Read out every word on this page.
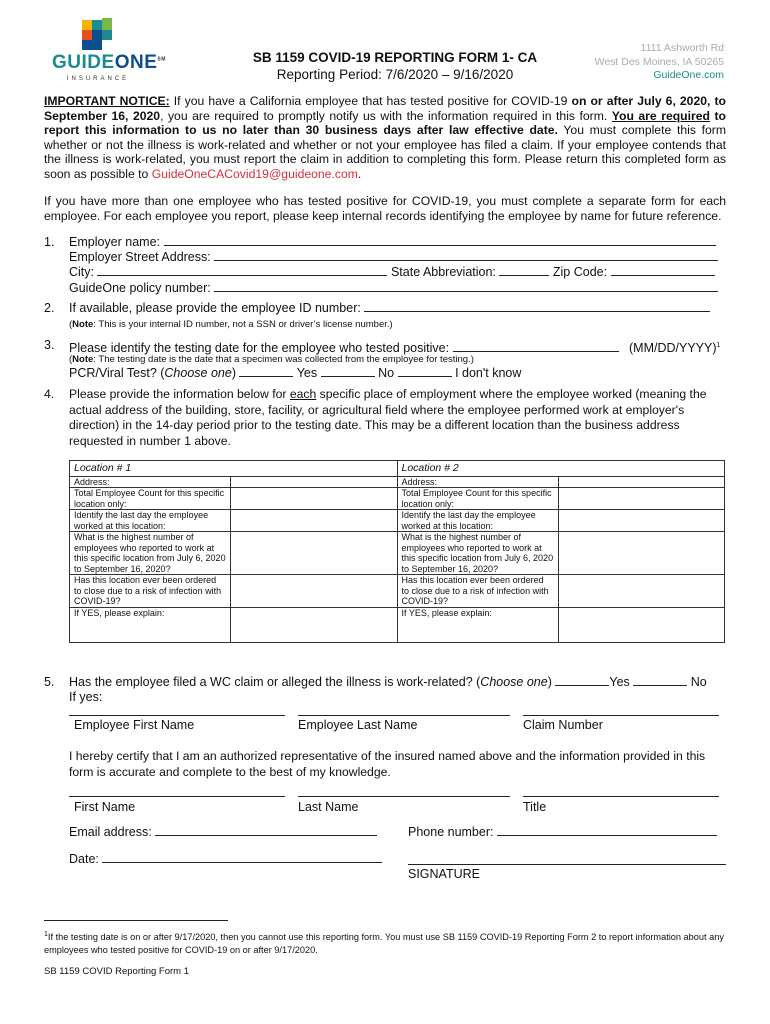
GUIDEONE℠
INSURANCE
SB 1159 COVID-19 REPORTING FORM 1- CA
Reporting Period: 7/6/2020 – 9/16/2020
1111 Ashworth Rd
West Des Moines, IA 50265
GuideOne.com
IMPORTANT NOTICE: If you have a California employee that has tested positive for COVID-19 on or after July 6, 2020, to September 16, 2020, you are required to promptly notify us with the information required in this form. You are required to report this information to us no later than 30 business days after law effective date. You must complete this form whether or not the illness is work-related and whether or not your employee has filed a claim. If your employee contends that the illness is work-related, you must report the claim in addition to completing this form. Please return this completed form as soon as possible to GuideOneCACovid19@guideone.com.
If you have more than one employee who has tested positive for COVID-19, you must complete a separate form for each employee. For each employee you report, please keep internal records identifying the employee by name for future reference.
1. Employer name:
Employer Street Address:
City:	State Abbreviation:	Zip Code:
GuideOne policy number:
2. If available, please provide the employee ID number:
(Note: This is your internal ID number, not a SSN or driver’s license number.)
3. Please identify the testing date for the employee who tested positive:	(MM/DD/YYYY)$^1$
(Note: The testing date is the date that a specimen was collected from the employee for testing.)
PCR/Viral Test? (Choose one)	Yes	No	I don't know
4. Please provide the information below for each specific place of employment where the employee worked (meaning the actual address of the building, store, facility, or agricultural field where the employee performed work at employer's direction) in the 14-day period prior to the testing date. This may be a different location than the business address requested in number 1 above.
Location # 1		Location # 2	
Address:		Address:	
Total Employee Count for this specific location only:		Total Employee Count for this specific location only:	
Identify the last day the employee worked at this location:		Identify the last day the employee worked at this location:	
What is the highest number of employees who reported to work at this specific location from July 6, 2020 to September 16, 2020?		What is the highest number of employees who reported to work at this specific location from July 6, 2020 to September 16, 2020?	
Has this location ever been ordered to close due to a risk of infection with COVID-19?		Has this location ever been ordered to close due to a risk of infection with COVID-19?	
If YES, please explain:		If YES, please explain:	
5. Has the employee filed a WC claim or alleged the illness is work-related? (Choose one)	Yes	No
If yes:
Employee First Name	Employee Last Name	Claim Number
I hereby certify that I am an authorized representative of the insured named above and the information provided in this form is accurate and complete to the best of my knowledge.
First Name	Last Name	Title
Email address:	Phone number:
Date:
SIGNATURE
$^1$If the testing date is on or after 9/17/2020, then you cannot use this reporting form. You must use SB 1159 COVID-19 Reporting Form 2 to report information about any employees who tested positive for COVID-19 on or after 9/17/2020.
SB 1159 COVID Reporting Form 1
